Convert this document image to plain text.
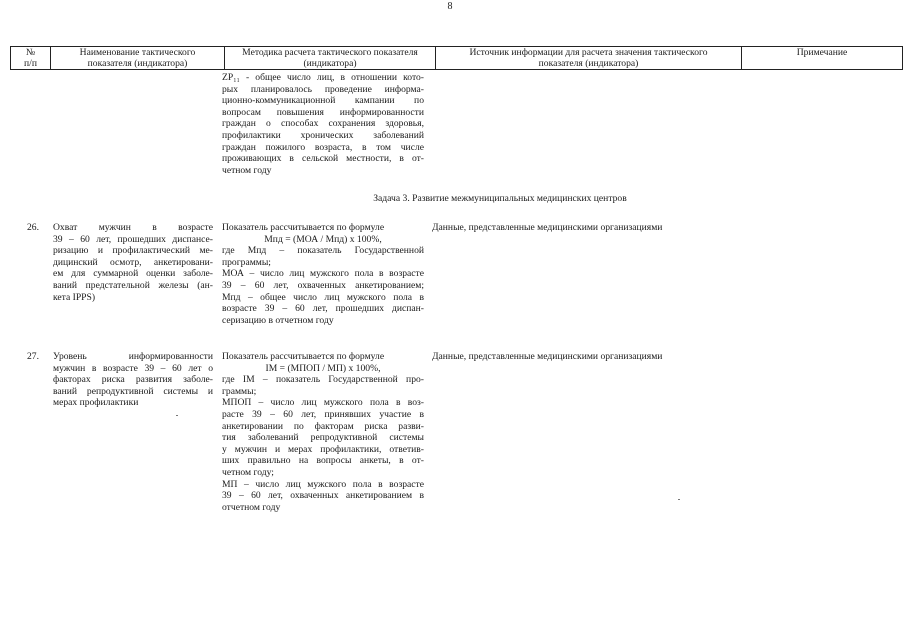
8
№
п/п
Наименование тактического
показателя (индикатора)
Методика расчета тактического показателя
(индикатора)
Источник информации для расчета значения тактического
показателя (индикатора)
Примечание
ZP₁₁ - общее число лиц, в отношении кото-
рых планировалось проведение информа-
ционно-коммуникационной кампании по
вопросам повышения информированности
граждан о способах сохранения здоровья,
профилактики хронических заболеваний
граждан пожилого возраста, в том числе
проживающих в сельской местности, в от-
четном году
Задача 3. Развитие межмуниципальных медицинских центров
26. Охват мужчин в возрасте
39 – 60 лет, прошедших диспансе-
ризацию и профилактический ме-
дицинский осмотр, анкетировани-
ем для суммарной оценки заболе-
ваний предстательной железы (ан-
кета IPPS)
Показатель рассчитывается по формуле
Mпд = (MОА / Mпд) x 100%,
где Mпд – показатель Государственной
программы;
MОА – число лиц мужского пола в возрасте
39 – 60 лет, охваченных анкетированием;
Mпд – общее число лиц мужского пола в
возрасте 39 – 60 лет, прошедших диспан-
серизацию в отчетном году
Данные, представленные медицинскими организациями
27. Уровень информированности
мужчин в возрасте 39 – 60 лет о
факторах риска развития заболе-
ваний репродуктивной системы и
мерах профилактики
Показатель рассчитывается по формуле
IМ = (MПОП / MП) x 100%,
где IМ – показатель Государственной про-
граммы;
MПОП – число лиц мужского пола в воз-
расте 39 – 60 лет, принявших участие в
анкетировании по факторам риска разви-
тия заболеваний репродуктивной системы
у мужчин и мерах профилактики, ответив-
ших правильно на вопросы анкеты, в от-
четном году;
MП – число лиц мужского пола в возрасте
39 – 60 лет, охваченных анкетированием в
отчетном году
Данные, представленные медицинскими организациями
